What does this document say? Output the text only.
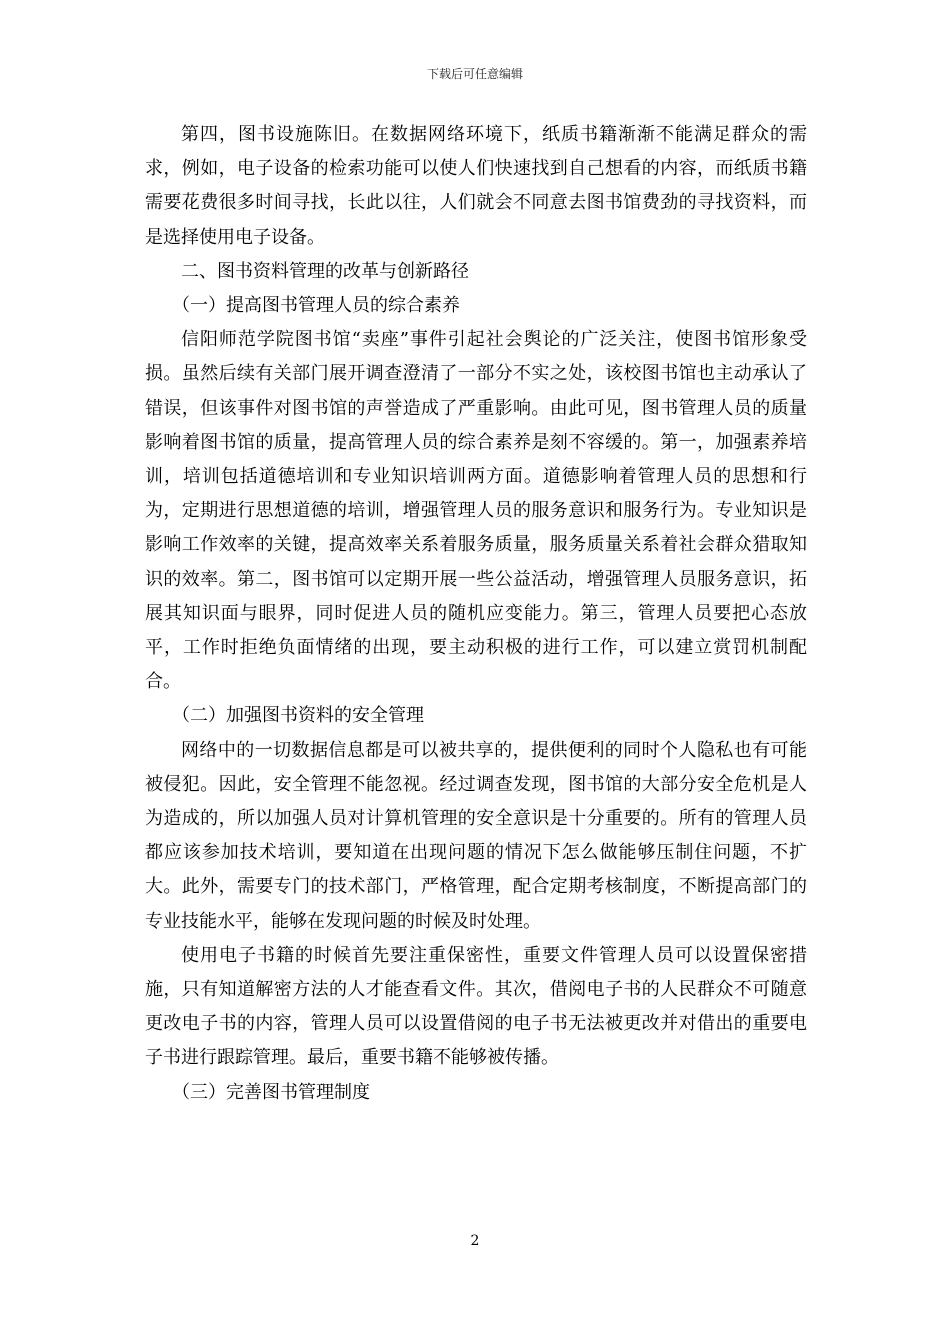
下载后可任意编辑

第四，图书设施陈旧。在数据网络环境下，纸质书籍渐渐不能满足群众的需求，例如，电子设备的检索功能可以使人们快速找到自己想看的内容，而纸质书籍需要花费很多时间寻找，长此以往，人们就会不同意去图书馆费劲的寻找资料，而是选择使用电子设备。

二、图书资料管理的改革与创新路径

（一）提高图书管理人员的综合素养

信阳师范学院图书馆“卖座”事件引起社会舆论的广泛关注，使图书馆形象受损。虽然后续有关部门展开调查澄清了一部分不实之处，该校图书馆也主动承认了错误，但该事件对图书馆的声誉造成了严重影响。由此可见，图书管理人员的质量影响着图书馆的质量，提高管理人员的综合素养是刻不容缓的。第一，加强素养培训，培训包括道德培训和专业知识培训两方面。道德影响着管理人员的思想和行为，定期进行思想道德的培训，增强管理人员的服务意识和服务行为。专业知识是影响工作效率的关键，提高效率关系着服务质量，服务质量关系着社会群众猎取知识的效率。第二，图书馆可以定期开展一些公益活动，增强管理人员服务意识，拓展其知识面与眼界，同时促进人员的随机应变能力。第三，管理人员要把心态放平，工作时拒绝负面情绪的出现，要主动积极的进行工作，可以建立赏罚机制配合。

（二）加强图书资料的安全管理

网络中的一切数据信息都是可以被共享的，提供便利的同时个人隐私也有可能被侵犯。因此，安全管理不能忽视。经过调查发现，图书馆的大部分安全危机是人为造成的，所以加强人员对计算机管理的安全意识是十分重要的。所有的管理人员都应该参加技术培训，要知道在出现问题的情况下怎么做能够压制住问题，不扩大。此外，需要专门的技术部门，严格管理，配合定期考核制度，不断提高部门的专业技能水平，能够在发现问题的时候及时处理。

使用电子书籍的时候首先要注重保密性，重要文件管理人员可以设置保密措施，只有知道解密方法的人才能查看文件。其次，借阅电子书的人民群众不可随意更改电子书的内容，管理人员可以设置借阅的电子书无法被更改并对借出的重要电子书进行跟踪管理。最后，重要书籍不能够被传播。

（三）完善图书管理制度

2
